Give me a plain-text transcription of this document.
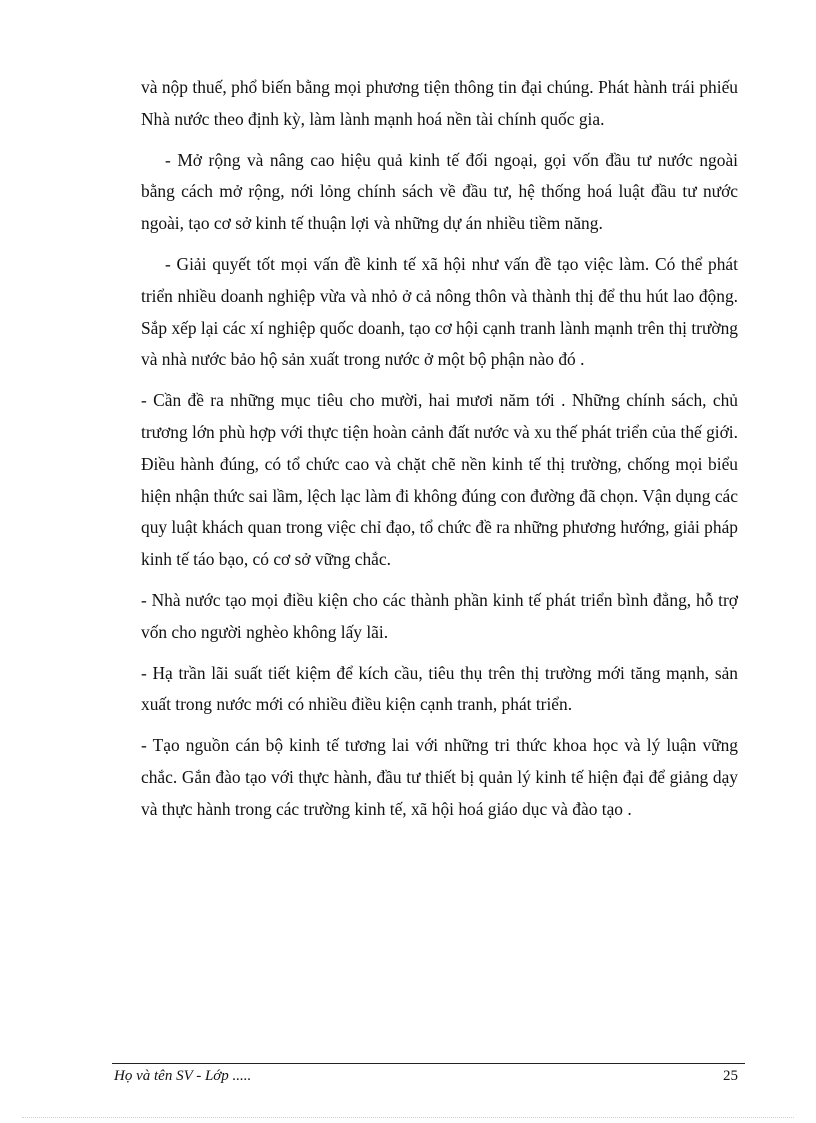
và nộp thuế, phổ biến bằng mọi phương tiện thông tin đại chúng. Phát hành trái phiếu Nhà nước theo định kỳ, làm lành mạnh hoá nền tài chính quốc gia.

- Mở rộng và nâng cao hiệu quả kinh tế đối ngoại, gọi vốn đầu tư nước ngoài bằng cách mở rộng, nới lỏng chính sách về đầu tư, hệ thống hoá luật đầu tư nước ngoài, tạo cơ sở kinh tế thuận lợi và những dự án nhiều tiềm năng.

- Giải quyết tốt mọi vấn đề kinh tế xã hội như vấn đề tạo việc làm. Có thể phát triển nhiều doanh nghiệp vừa và nhỏ ở cả nông thôn và thành thị để thu hút lao động. Sắp xếp lại các xí nghiệp quốc doanh, tạo cơ hội cạnh tranh lành mạnh trên thị trường và nhà nước bảo hộ sản xuất trong nước ở một bộ phận nào đó .

- Cần đề ra những mục tiêu cho mười, hai mươi năm tới . Những chính sách, chủ trương lớn phù hợp với thực tiện hoàn cảnh đất nước và xu thế phát triển của thế giới. Điều hành đúng, có tổ chức cao và chặt chẽ nền kinh tế thị trường, chống mọi biểu hiện nhận thức sai lầm, lệch lạc làm đi không đúng con đường đã chọn. Vận dụng các quy luật khách quan trong việc chỉ đạo, tổ chức đề ra những phương hướng, giải pháp kinh tế táo bạo, có cơ sở vững chắc.

- Nhà nước tạo mọi điều kiện cho các thành phần kinh tế phát triển bình đẳng, hỗ trợ vốn cho người nghèo không lấy lãi.

- Hạ trần lãi suất tiết kiệm để kích cầu, tiêu thụ trên thị trường mới tăng mạnh, sản xuất trong nước mới có nhiều điều kiện cạnh tranh, phát triển.

- Tạo nguồn cán bộ kinh tế tương lai với những tri thức khoa học và lý luận vững chắc. Gắn đào tạo với thực hành, đầu tư thiết bị quản lý kinh tế hiện đại để giảng dạy và thực hành trong các trường kinh tế, xã hội hoá giáo dục và đào tạo .

Họ và tên SV - Lớp .....	25
